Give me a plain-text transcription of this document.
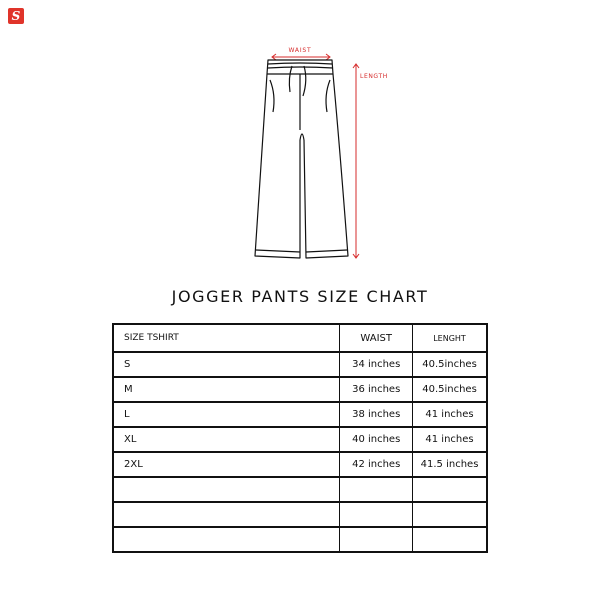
S
WAIST
LENGTH
JOGGER PANTS SIZE CHART
SIZE TSHIRT	WAIST	LENGHT
S	34 inches	40.5inches
M	36 inches	40.5inches
L	38 inches	41 inches
XL	40 inches	41 inches
2XL	42 inches	41.5 inches
